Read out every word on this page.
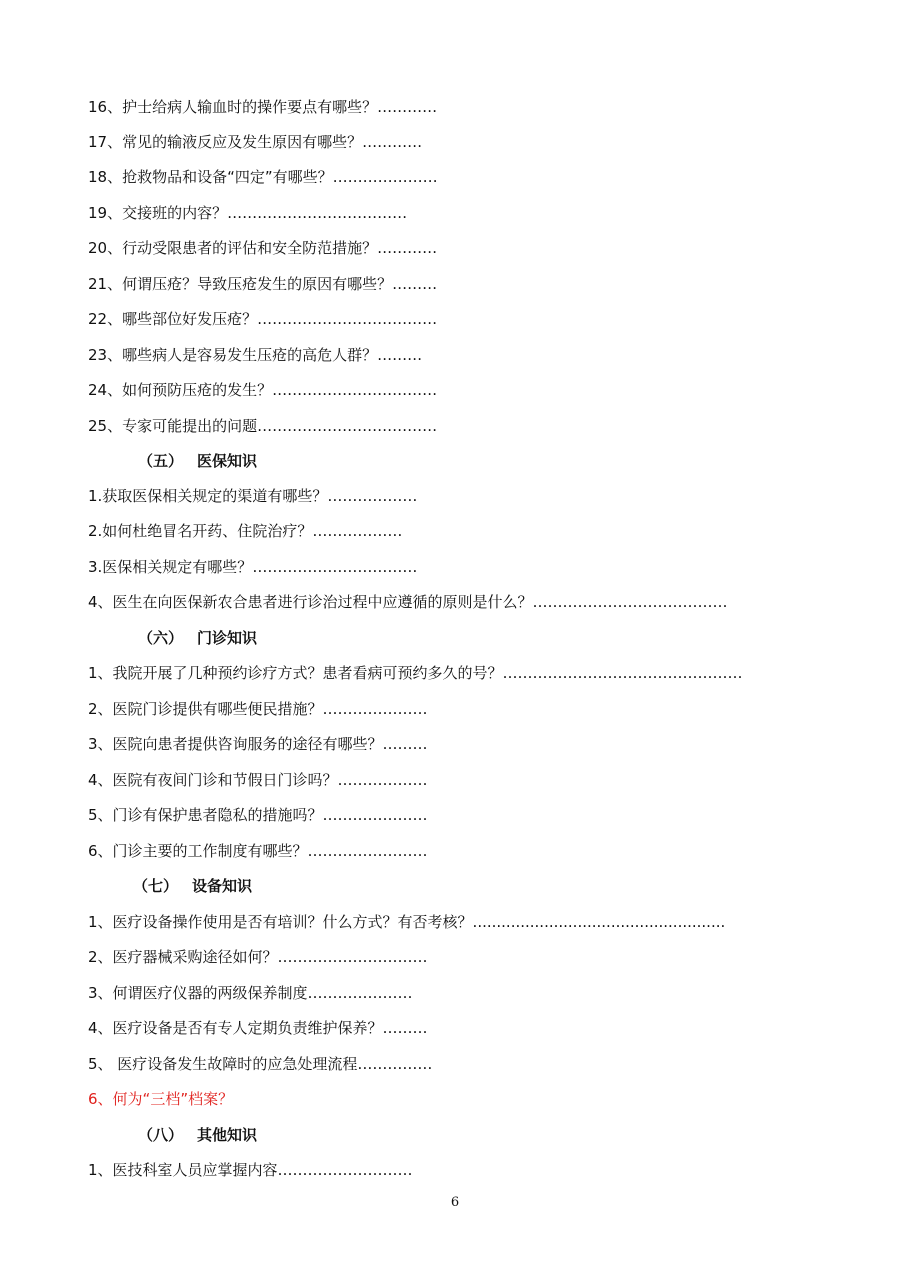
16、护士给病人输血时的操作要点有哪些？…………
17、常见的输液反应及发生原因有哪些？…………
18、抢救物品和设备“四定”有哪些？…………………
19、交接班的内容？………………………………
20、行动受限患者的评估和安全防范措施？…………
21、何谓压疮？导致压疮发生的原因有哪些？………
22、哪些部位好发压疮？………………………………
23、哪些病人是容易发生压疮的高危人群？………
24、如何预防压疮的发生？……………………………
25、专家可能提出的问题………………………………
（五） 医保知识
1.获取医保相关规定的渠道有哪些？………………
2.如何杜绝冒名开药、住院治疗？………………
3.医保相关规定有哪些？……………………………
4、医生在向医保新农合患者进行诊治过程中应遵循的原则是什么？…………………………………
（六） 门诊知识
1、我院开展了几种预约诊疗方式？患者看病可预约多久的号？…………………………………………
2、医院门诊提供有哪些便民措施？…………………
3、医院向患者提供咨询服务的途径有哪些？………
4、医院有夜间门诊和节假日门诊吗？………………
5、门诊有保护患者隐私的措施吗？…………………
6、门诊主要的工作制度有哪些？……………………
（七） 设备知识
1、医疗设备操作使用是否有培训？什么方式？有否考核？.....................................................
2、医疗器械采购途径如何？…………………………
3、何谓医疗仪器的两级保养制度…………………
4、医疗设备是否有专人定期负责维护保养？………
5、 医疗设备发生故障时的应急处理流程……………
6、何为“三档”档案？
（八） 其他知识
1、医技科室人员应掌握内容………………………
6
